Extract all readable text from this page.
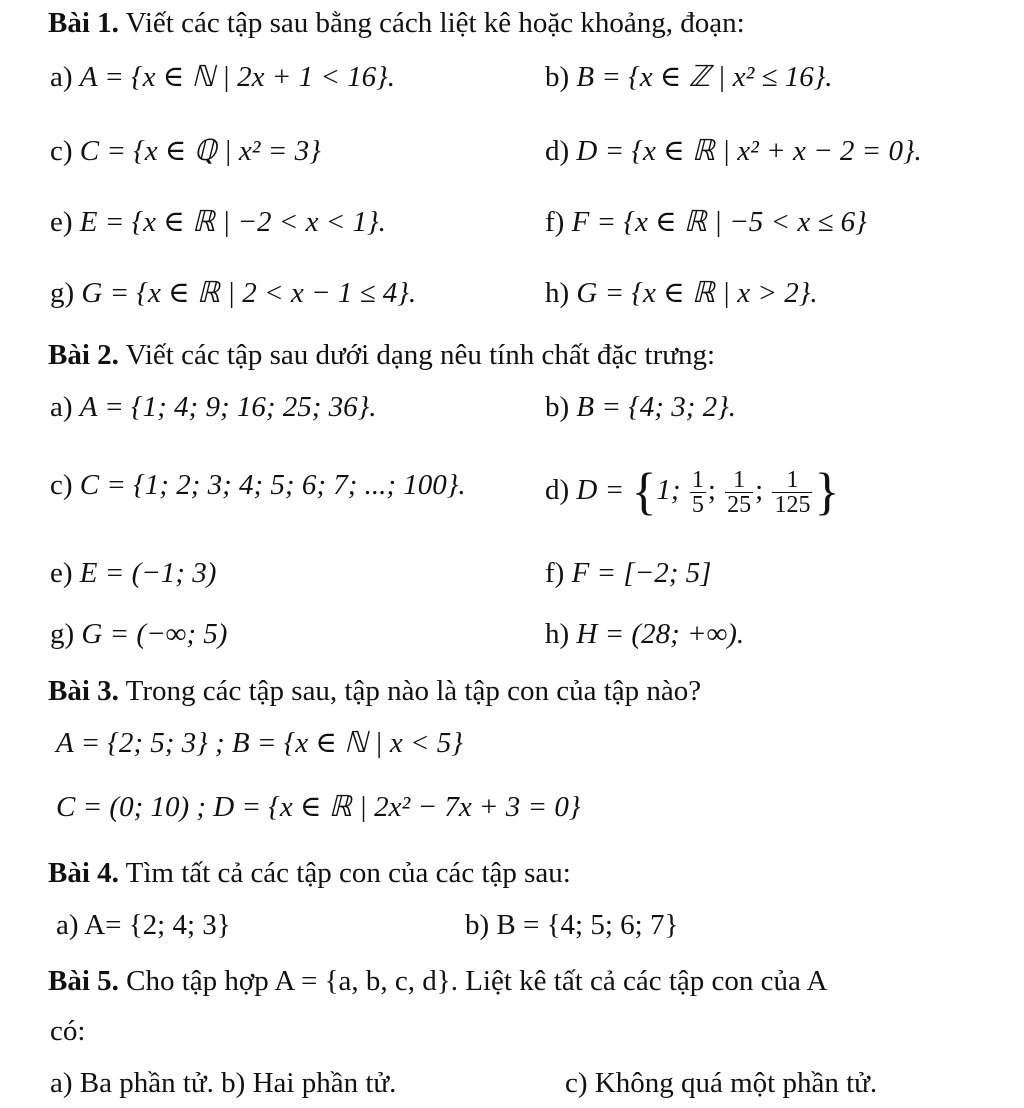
Bài 1. Viết các tập sau bằng cách liệt kê hoặc khoảng, đoạn:
a) A = {x ∈ ℕ | 2x + 1 < 16}.	b) B = {x ∈ ℤ | x² ≤ 16}.
c) C = {x ∈ ℚ | x² = 3}	d) D = {x ∈ ℝ | x² + x − 2 = 0}.
e) E = {x ∈ ℝ | −2 < x < 1}.	f) F = {x ∈ ℝ | −5 < x ≤ 6}
g) G = {x ∈ ℝ | 2 < x − 1 ≤ 4}.	h) G = {x ∈ ℝ | x > 2}.
Bài 2. Viết các tập sau dưới dạng nêu tính chất đặc trưng:
a) A = {1; 4; 9; 16; 25; 36}.	b) B = {4; 3; 2}.
c) C = {1; 2; 3; 4; 5; 6; 7; ...; 100}.	d) D = {1; $\frac{1}{5}$ ; $\frac{1}{25}$ ; $\frac{1}{125}$ }
e) E = (−1; 3)	f) F = [−2; 5]
g) G = (−∞; 5)	h) H = (28; +∞).
Bài 3. Trong các tập sau, tập nào là tập con của tập nào?
A = {2; 5; 3} ; B = {x ∈ ℕ | x < 5}
C = (0; 10) ; D = {x ∈ ℝ | 2x² − 7x + 3 = 0}
Bài 4. Tìm tất cả các tập con của các tập sau:
a) A= {2; 4; 3}	b) B = {4; 5; 6; 7}
Bài 5. Cho tập hợp A = {a, b, c, d}. Liệt kê tất cả các tập con của A
có:
a) Ba phần tử. b) Hai phần tử.	c) Không quá một phần tử.
